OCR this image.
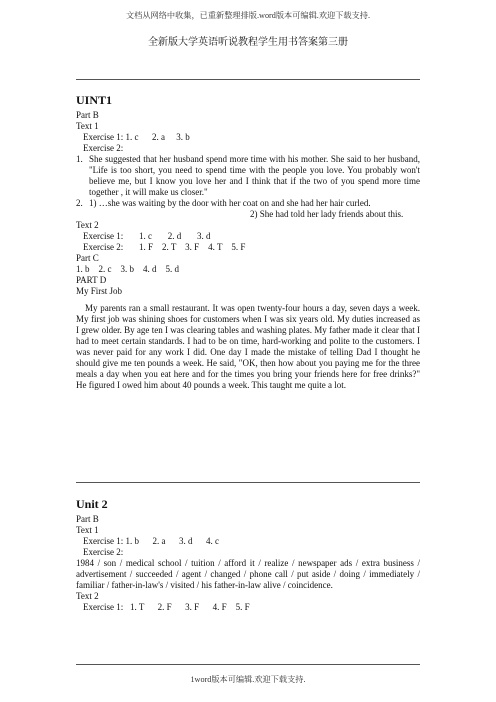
文档从网络中收集，已重新整理排版.word版本可编辑.欢迎下载支持.
全新版大学英语听说教程学生用书答案第三册
UINT1

Part B

Text 1

Exercise 1: 1. c      2. a     3. b

Exercise 2:

1. She suggested that her husband spend more time with his mother. She said to her husband, "Life is too short, you need to spend time with the people you love. You probably won't believe me, but I know you love her and I think that if the two of you spend more time together , it will make us closer."
2. 1) …she was waiting by the door with her coat on and she had her hair curled.
2) She had told her lady friends about this.

Text 2

Exercise 1:       1. c       2. d       3. d

Exercise 2:       1. F    2. T    3. F    4. T    5. F

Part C

1. b    2. c    3. b    4. d    5. d

PART D

My First Job

My parents ran a small restaurant. It was open twenty-four hours a day, seven days a week. My first job was shining shoes for customers when I was six years old. My duties increased as I grew older. By age ten I was clearing tables and washing plates. My father made it clear that I had to meet certain standards. I had to be on time, hard-working and polite to the customers. I was never paid for any work I did. One day I made the mistake of telling Dad I thought he should give me ten pounds a week. He said, "OK, then how about you paying me for the three meals a day when you eat here and for the times you bring your friends here for free drinks?" He figured I owed him about 40 pounds a week. This taught me quite a lot.

Unit 2

Part B

Text 1

Exercise 1: 1. b      2. a      3. d      4. c

Exercise 2:

1984 / son / medical school / tuition / afford it / realize / newspaper ads / extra business / advertisement / succeeded / agent / changed / phone call / put aside / doing / immediately / familiar / father-in-law's / visited / his father-in-law alive / coincidence.

Text 2

Exercise 1:   1. T      2. F      3. F      4. F    5. F

1word版本可编辑.欢迎下载支持.
